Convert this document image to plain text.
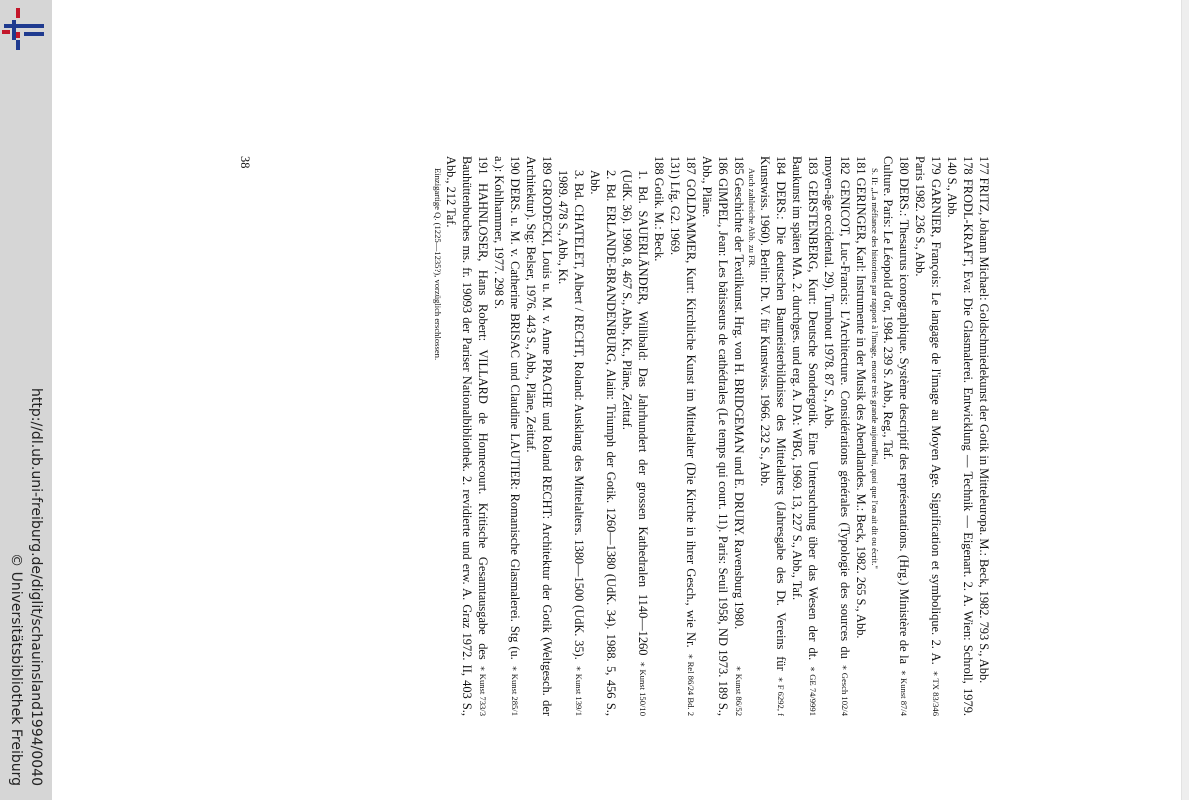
http://dl.ub.uni-freiburg.de/diglit/schauinsland1994/0040
© Universitätsbibliothek Freiburg	177 FRITZ, Johann Michael: Goldschmiedekunst der Gotik in Mitteleuropa. M.: Beck, 1982. 793 S., Abb.

178 FRODL-KRAFT, Eva: Die Glasmalerei. Entwicklung — Technik — Eigenart. 2. A. Wien: Schroll, 1979. 140 S., Abb.

∗ TX 83/346
179 GARNIER, François: Le langage de l'image au Moyen Age. Signification et symbolique. 2. A. Paris 1982. 236 S., Abb.

∗ Kunst 87/4
180 DERS.: Thesaurus iconographique. Système descriptif des représentations. (Hrg.) Ministère de la Culture. Paris: Le Léopold d'or, 1984. 239 S. Abb., Reg., Taf.
S. II: „La méfiance des historiens par rapport à l'image, encore très grande aujourd'hui, quoi que l'on ait dit ou écrit."

181 GERINGER, Karl: Instrumente in der Musik des Abendlandes. M.: Beck, 1982. 265 S., Abb.

∗ Gesch 102/4
182 GENICOT, Luc-Francis: L'Architecture. Considérations générales (Typologie des sources du moyen-âge occidental. 29). Turnhout 1978. 87 S., Abb.

∗ GE 74/9991
183 GERSTENBERG, Kurt: Deutsche Sondergotik. Eine Untersuchung über das Wesen der dt. Baukunst im späten MA. 2. durchges. und erg. A. DA: WBG, 1969. 13, 227 S., Abb., Taf.

∗ F 6292, f
184 DERS.: Die deutschen Baumeisterbildnisse des Mittelalters (Jahresgabe des Dt. Vereins für Kunstwiss. 1960). Berlin: Dt. V. für Kunstwiss. 1966. 232 S., Abb.
Auch zahlreiche Abb. zu FR.

∗ Kunst 86/52
185 Geschichte der Textilkunst. Hrg. von H. BRIDGEMAN und E. DRURY. Ravensburg 1980.

186 GIMPEL, Jean: Les bâtisseurs de cathédrales (Le temps qui court. 11). Paris: Seuil 1958, ND 1973. 189 S., Abb., Pläne.

∗ Rel 86/24 Bd. 2
187 GOLDAMMER, Kurt: Kirchliche Kunst im Mittelalter (Die Kirche in ihrer Gesch., wie Nr. 131) Lfg. G2. 1969.

188 Gotik. M.: Beck.

∗ Kunst 150/10
1. Bd. SAUERLÄNDER, Willibald: Das Jahrhundert der grossen Kathedralen 1140—1260 (UdK. 36). 1990. 8, 467 S., Abb., Kt., Pläne, Zeittaf.

2. Bd. ERLANDE-BRANDENBURG, Alain: Triumph der Gotik. 1260—1380 (UdK. 34). 1988. 5, 456 S., Abb.

∗ Kunst 139/1
3. Bd. CHATELET, Albert / RECHT, Roland: Ausklang des Mittelalters. 1380—1500 (UdK. 35). 1989. 478 S., Abb., Kt.

189 GRODECKI, Louis u. M. v. Anne PRACHE und Roland RECHT: Architektur der Gotik (Weltgesch. der Architektur). Stg: Belser, 1976. 443 S., Abb., Pläne, Zeittaf.

∗ Kunst 285/1
190 DERS. u. M. v. Catherine BRISAC und Claudine LAUTIER: Romanische Glasmalerei. Stg (u. a.): Kohlhammer, 1977. 298 S.

∗ Kunst 733/3
191 HAHNLOSER, Hans Robert: VILLARD de Honnecourt. Kritische Gesamtausgabe des Bauhüttenbuches ms. fr. 19093 der Pariser Nationalbibliothek. 2. revidierte und erw. A. Graz 1972. II, 403 S., Abb., 212 Taf.
Einzigartige Q. (1225—1235?), vorzüglich erschlossen.

38
